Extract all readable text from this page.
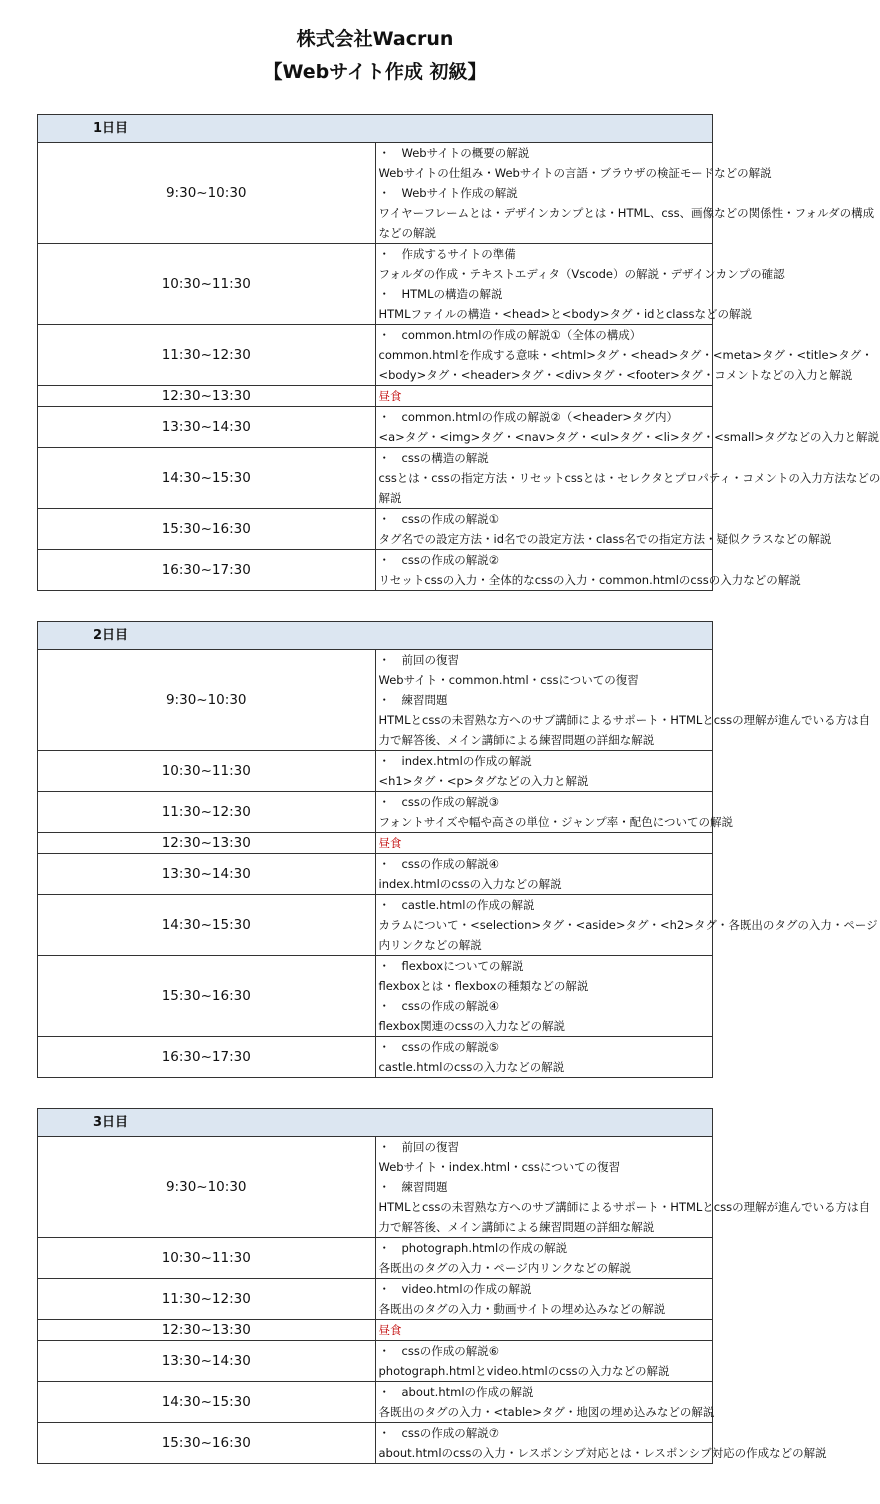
株式会社Wacrun
【Webサイト作成 初級】
1日目	
9:30~10:30	・　Webサイトの概要の解説
Webサイトの仕組み・Webサイトの言語・ブラウザの検証モードなどの解説
・　Webサイト作成の解説
ワイヤーフレームとは・デザインカンプとは・HTML、css、画像などの関係性・フォルダの構成
などの解説

10:30~11:30	・　作成するサイトの準備
フォルダの作成・テキストエディタ（Vscode）の解説・デザインカンプの確認
・　HTMLの構造の解説
HTMLファイルの構造・<head>と<body>タグ・idとclassなどの解説

11:30~12:30	・　common.htmlの作成の解説①（全体の構成）
common.htmlを作成する意味・<html>タグ・<head>タグ・<meta>タグ・<title>タグ・
<body>タグ・<header>タグ・<div>タグ・<footer>タグ・コメントなどの入力と解説

12:30~13:30	昼食

13:30~14:30	・　common.htmlの作成の解説②（<header>タグ内）
<a>タグ・<img>タグ・<nav>タグ・<ul>タグ・<li>タグ・<small>タグなどの入力と解説

14:30~15:30	・　cssの構造の解説
cssとは・cssの指定方法・リセットcssとは・セレクタとプロパティ・コメントの入力方法などの
解説

15:30~16:30	・　cssの作成の解説①
タグ名での設定方法・id名での設定方法・class名での指定方法・疑似クラスなどの解説

16:30~17:30	・　cssの作成の解説②
リセットcssの入力・全体的なcssの入力・common.htmlのcssの入力などの解説
2日目	
9:30~10:30	・　前回の復習
Webサイト・common.html・cssについての復習
・　練習問題
HTMLとcssの未習熟な方へのサブ講師によるサポート・HTMLとcssの理解が進んでいる方は自
力で解答後、メイン講師による練習問題の詳細な解説

10:30~11:30	・　index.htmlの作成の解説
<h1>タグ・<p>タグなどの入力と解説

11:30~12:30	・　cssの作成の解説③
フォントサイズや幅や高さの単位・ジャンプ率・配色についての解説

12:30~13:30	昼食

13:30~14:30	・　cssの作成の解説④
index.htmlのcssの入力などの解説

14:30~15:30	・　castle.htmlの作成の解説
カラムについて・<selection>タグ・<aside>タグ・<h2>タグ・各既出のタグの入力・ページ
内リンクなどの解説

15:30~16:30	・　flexboxについての解説
flexboxとは・flexboxの種類などの解説
・　cssの作成の解説④
flexbox関連のcssの入力などの解説

16:30~17:30	・　cssの作成の解説⑤
castle.htmlのcssの入力などの解説
3日目	
9:30~10:30	・　前回の復習
Webサイト・index.html・cssについての復習
・　練習問題
HTMLとcssの未習熟な方へのサブ講師によるサポート・HTMLとcssの理解が進んでいる方は自
力で解答後、メイン講師による練習問題の詳細な解説

10:30~11:30	・　photograph.htmlの作成の解説
各既出のタグの入力・ページ内リンクなどの解説

11:30~12:30	・　video.htmlの作成の解説
各既出のタグの入力・動画サイトの埋め込みなどの解説

12:30~13:30	昼食

13:30~14:30	・　cssの作成の解説⑥
photograph.htmlとvideo.htmlのcssの入力などの解説

14:30~15:30	・　about.htmlの作成の解説
各既出のタグの入力・<table>タグ・地図の埋め込みなどの解説

15:30~16:30	・　cssの作成の解説⑦
about.htmlのcssの入力・レスポンシブ対応とは・レスポンシブ対応の作成などの解説
